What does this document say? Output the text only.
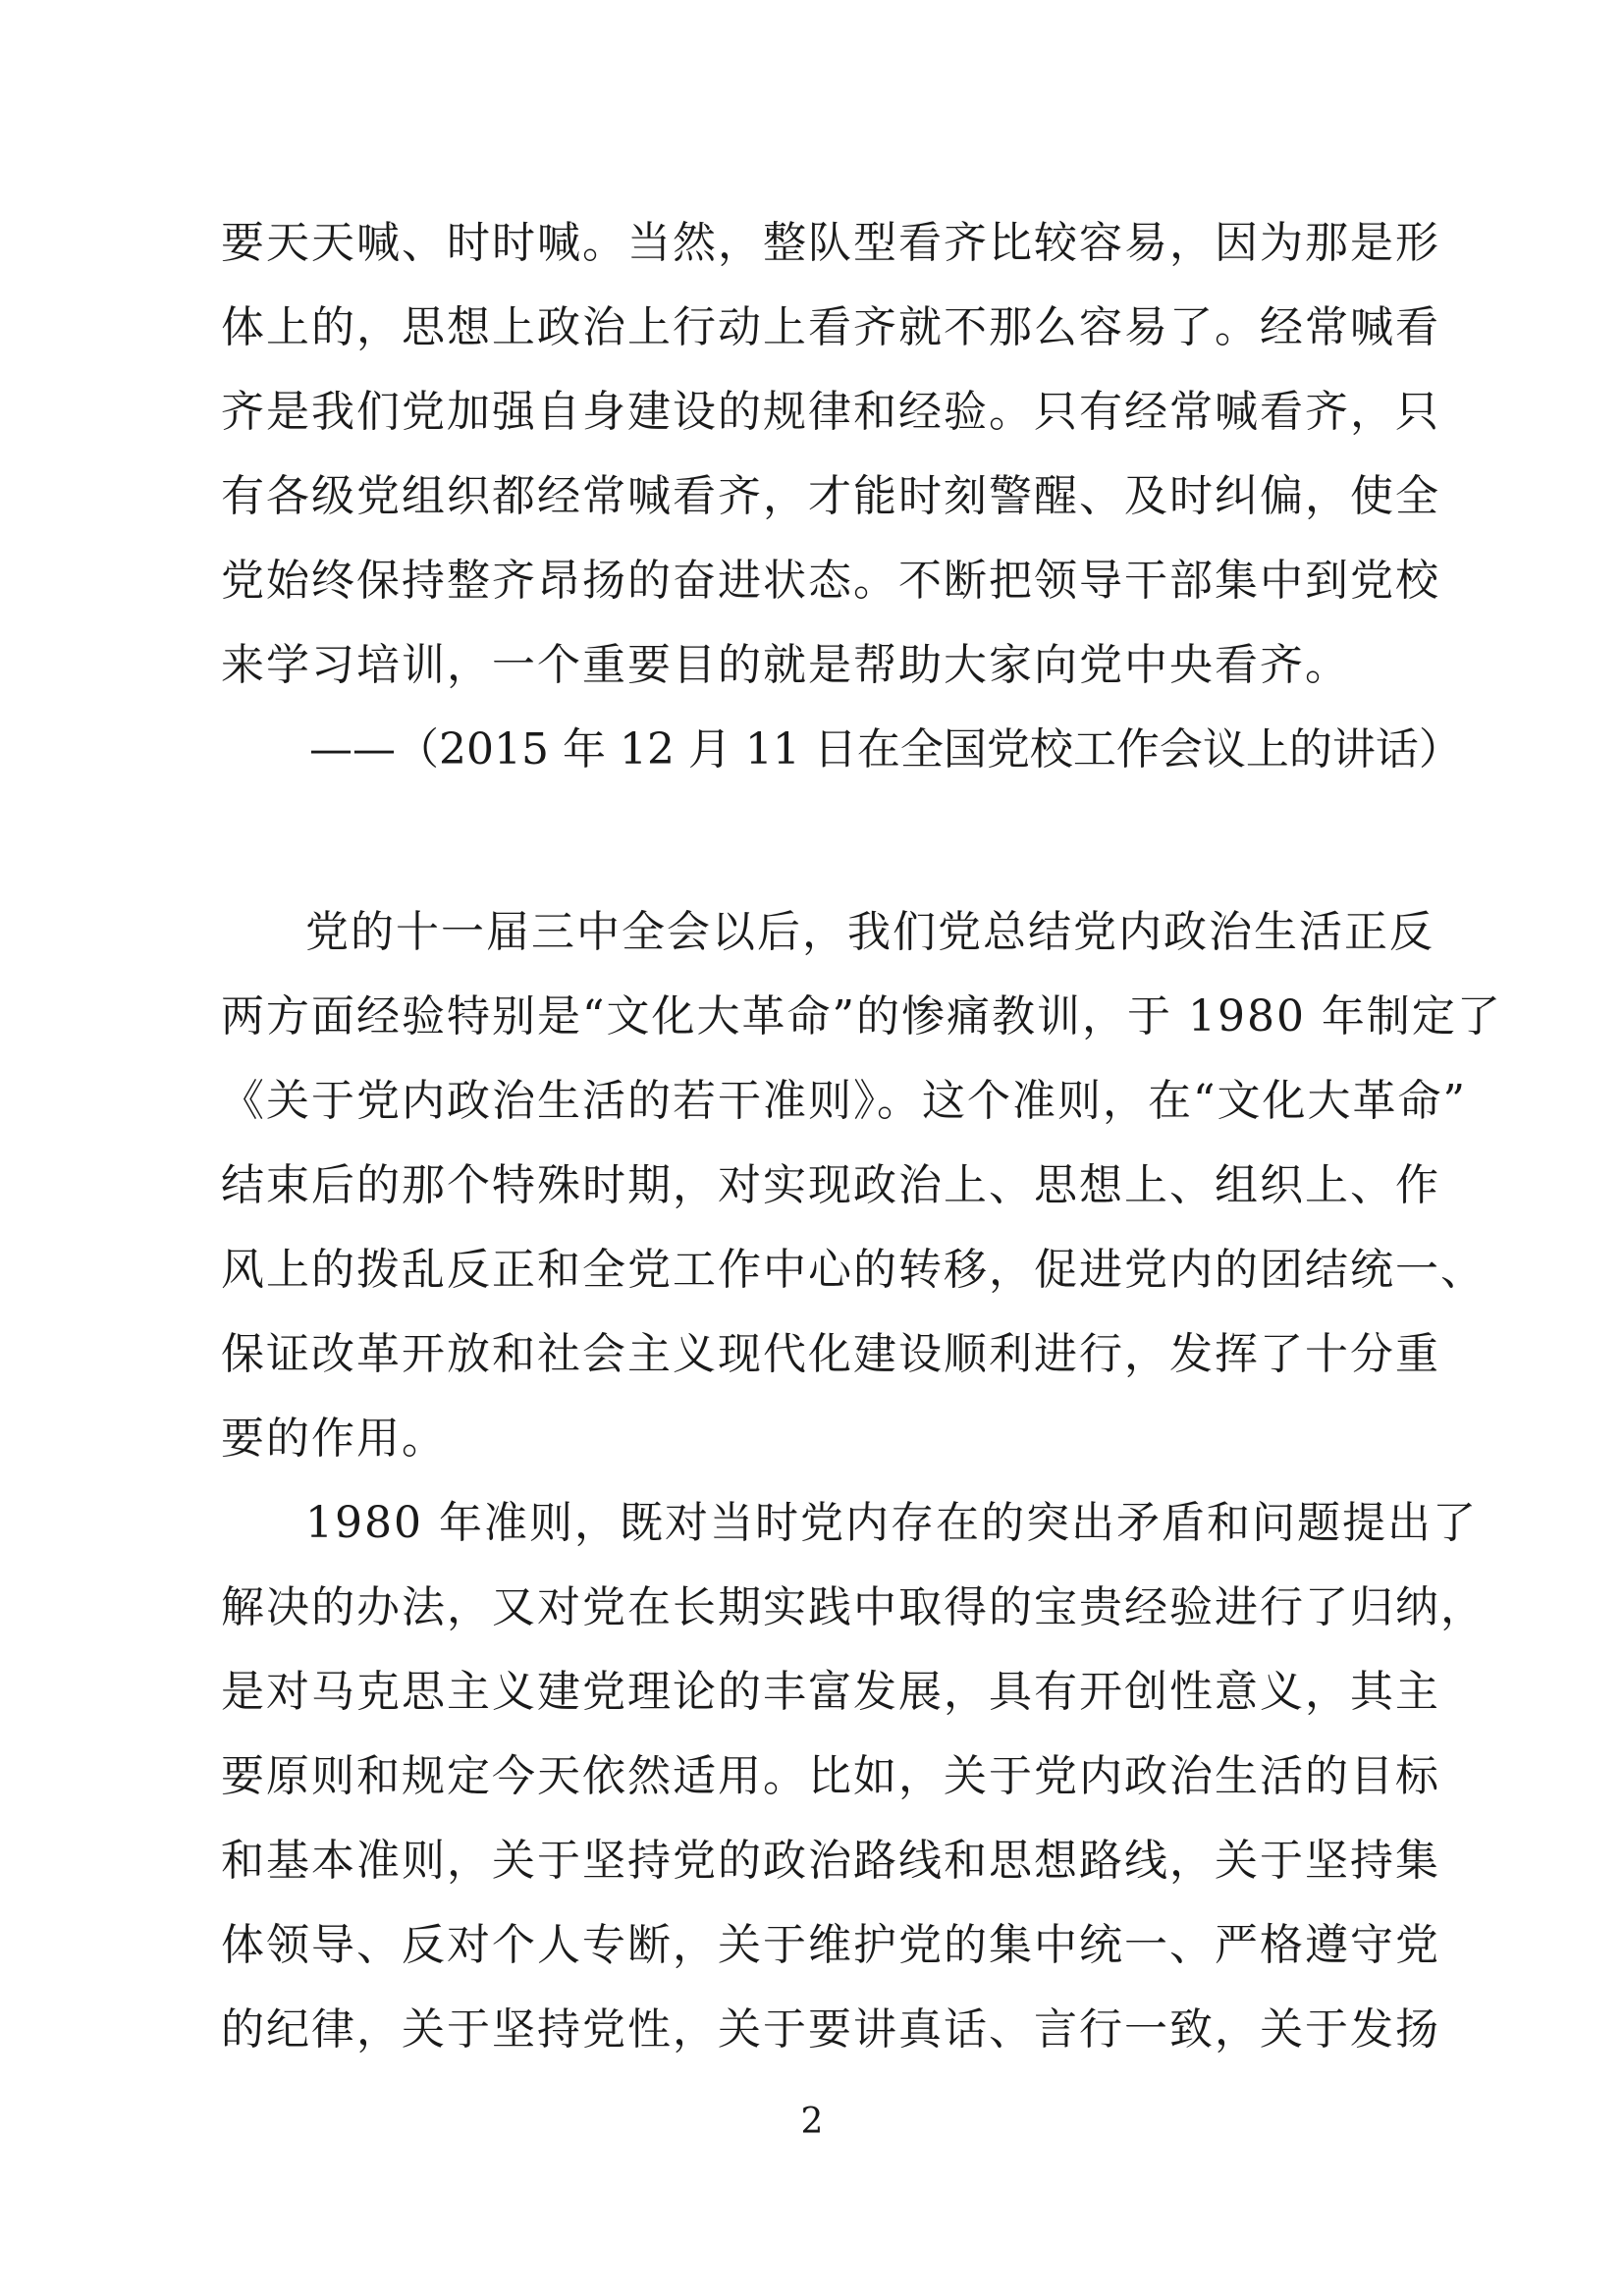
要天天喊、时时喊。当然，整队型看齐比较容易，因为那是形
体上的，思想上政治上行动上看齐就不那么容易了。经常喊看
齐是我们党加强自身建设的规律和经验。只有经常喊看齐，只
有各级党组织都经常喊看齐，才能时刻警醒、及时纠偏，使全
党始终保持整齐昂扬的奋进状态。不断把领导干部集中到党校
来学习培训，一个重要目的就是帮助大家向党中央看齐。
——（2015 年 12 月 11 日在全国党校工作会议上的讲话）
党的十一届三中全会以后，我们党总结党内政治生活正反
两方面经验特别是“文化大革命”的惨痛教训，于 1980 年制定了
《关于党内政治生活的若干准则》。这个准则，在“文化大革命”
结束后的那个特殊时期，对实现政治上、思想上、组织上、作
风上的拨乱反正和全党工作中心的转移，促进党内的团结统一、
保证改革开放和社会主义现代化建设顺利进行，发挥了十分重
要的作用。
1980 年准则，既对当时党内存在的突出矛盾和问题提出了
解决的办法，又对党在长期实践中取得的宝贵经验进行了归纳，
是对马克思主义建党理论的丰富发展，具有开创性意义，其主
要原则和规定今天依然适用。比如，关于党内政治生活的目标
和基本准则，关于坚持党的政治路线和思想路线，关于坚持集
体领导、反对个人专断，关于维护党的集中统一、严格遵守党
的纪律，关于坚持党性，关于要讲真话、言行一致，关于发扬
2
